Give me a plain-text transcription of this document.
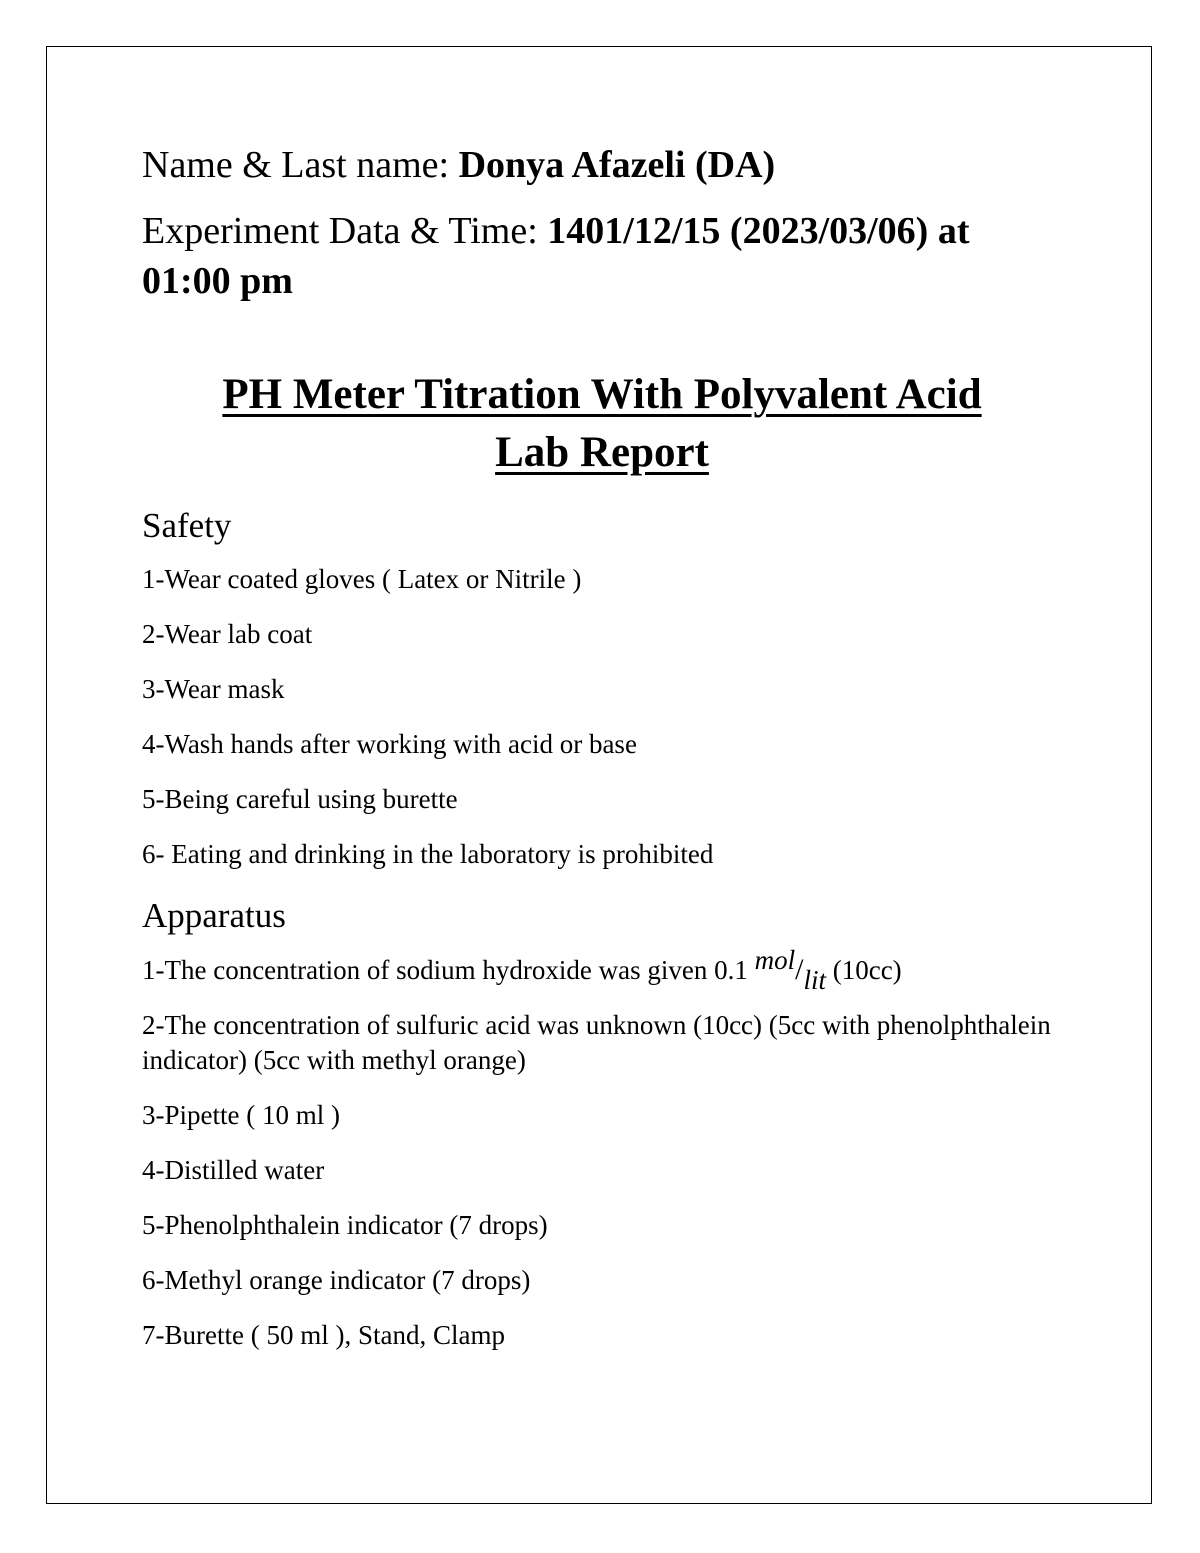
Name & Last name: Donya Afazeli (DA)

Experiment Data & Time: 1401/12/15 (2023/03/06) at 01:00 pm

PH Meter Titration With Polyvalent Acid
Lab Report
Safety

1-Wear coated gloves ( Latex or Nitrile )

2-Wear lab coat

3-Wear mask

4-Wash hands after working with acid or base

5-Being careful using burette

6- Eating and drinking in the laboratory is prohibited

Apparatus

1-The concentration of sodium hydroxide was given 0.1 mol/lit (10cc)

2-The concentration of sulfuric acid was unknown (10cc) (5cc with phenolphthalein indicator) (5cc with methyl orange)

3-Pipette ( 10 ml )

4-Distilled water

5-Phenolphthalein indicator (7 drops)

6-Methyl orange indicator (7 drops)

7-Burette ( 50 ml ), Stand, Clamp
